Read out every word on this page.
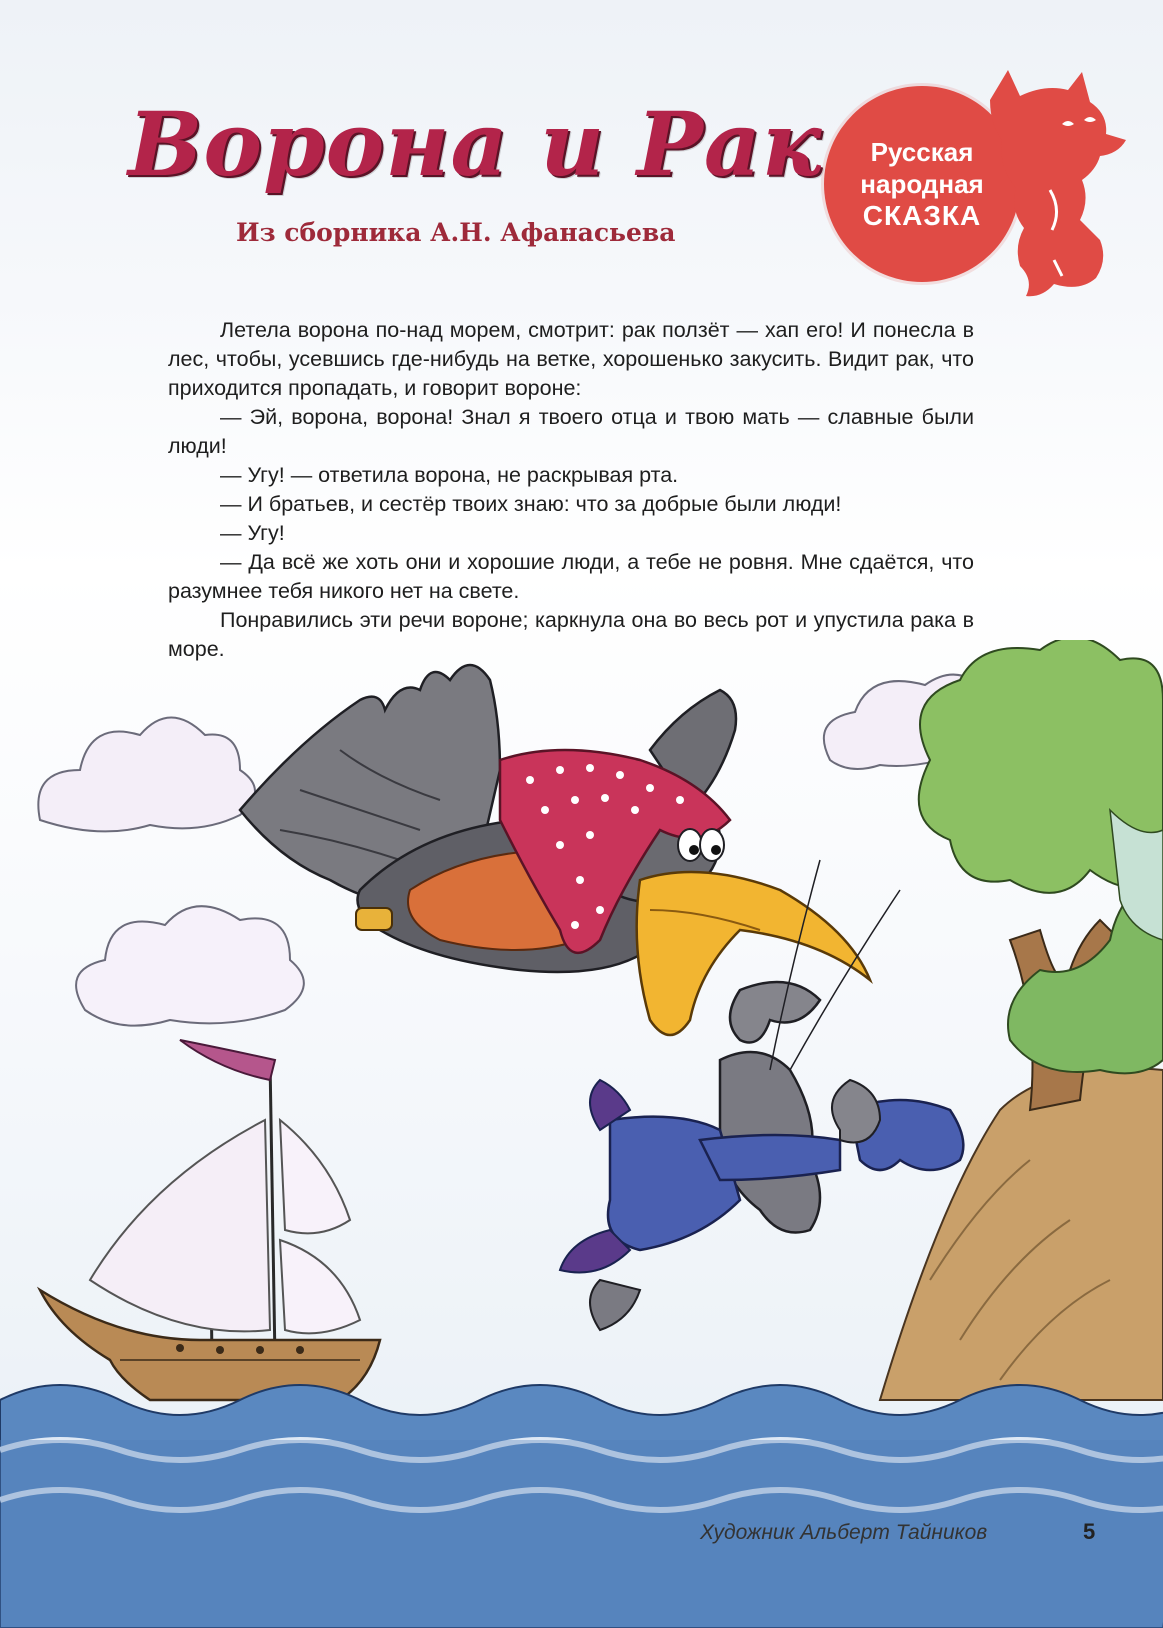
Ворона и Рак

Из сборника А.Н. Афанасьева

Русская
народная
СКАЗКА

Летела ворона по-над морем, смотрит: рак ползёт — хап его! И понесла в лес, чтобы, усевшись где-нибудь на ветке, хорошенько закусить. Видит рак, что приходится пропадать, и говорит вороне:

— Эй, ворона, ворона! Знал я твоего отца и твою мать — славные были люди!

— Угу! — ответила ворона, не раскрывая рта.

— И братьев, и сестёр твоих знаю: что за добрые были люди!

— Угу!

— Да всё же хоть они и хорошие люди, а тебе не ровня. Мне сдаётся, что разумнее тебя никого нет на свете.

Понравились эти речи вороне; каркнула она во весь рот и упустила рака в море.

Художник Альберт Тайников	5
